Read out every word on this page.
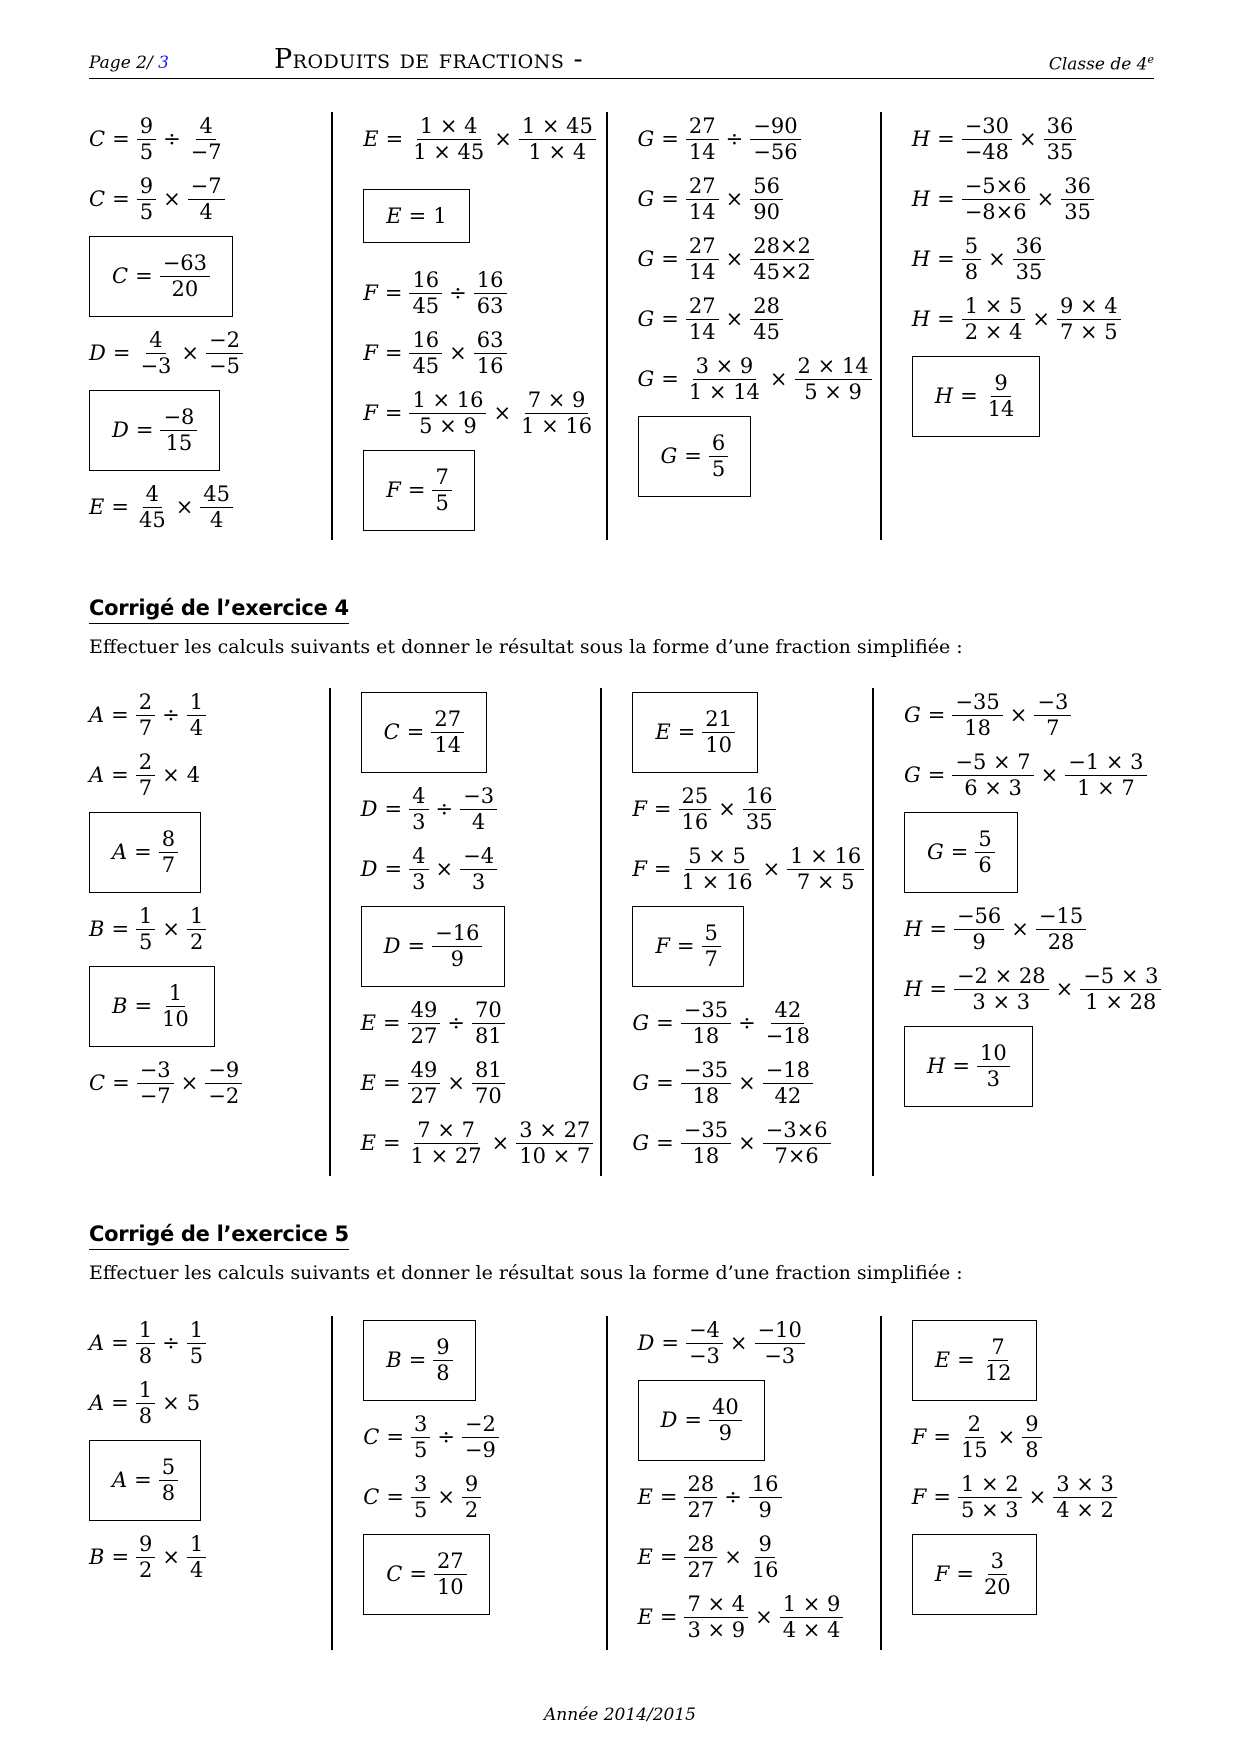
Page 2/ 3	Produits de fractions -	Classe de 4e
$C = \frac{9}{5} \div \frac{4}{-7}$
$C = \frac{9}{5} \times \frac{-7}{4}$
$C = \frac{-63}{20}$
$D = \frac{4}{-3} \times \frac{-2}{-5}$
$D = \frac{-8}{15}$
$E = \frac{4}{45} \times \frac{45}{4}$
$E = \frac{1 \times 4}{1 \times 45} \times \frac{1 \times 45}{1 \times 4}$
E = 1
$F = \frac{16}{45} \div \frac{16}{63}$
$F = \frac{16}{45} \times \frac{63}{16}$
$F = \frac{1 \times 16}{5 \times 9} \times \frac{7 \times 9}{1 \times 16}$
$F = \frac{7}{5}$
$G = \frac{27}{14} \div \frac{-90}{-56}$
$G = \frac{27}{14} \times \frac{56}{90}$
$G = \frac{27}{14} \times \frac{28\times 2}{45\times 2}$
$G = \frac{27}{14} \times \frac{28}{45}$
$G = \frac{3 \times 9}{1 \times 14} \times \frac{2 \times 14}{5 \times 9}$
$G = \frac{6}{5}$
$H = \frac{-30}{-48} \times \frac{36}{35}$
$H = \frac{-5\times 6}{-8\times 6} \times \frac{36}{35}$
$H = \frac{5}{8} \times \frac{36}{35}$
$H = \frac{1 \times 5}{2 \times 4} \times \frac{9 \times 4}{7 \times 5}$
$H = \frac{9}{14}$
Corrigé de l’exercice 4
Effectuer les calculs suivants et donner le résultat sous la forme d’une fraction simplifiée :
$A = \frac{2}{7} \div \frac{1}{4}$
$A = \frac{2}{7} \times 4$
$A = \frac{8}{7}$
$B = \frac{1}{5} \times \frac{1}{2}$
$B = \frac{1}{10}$
$C = \frac{-3}{-7} \times \frac{-9}{-2}$
$C = \frac{27}{14}$
$D = \frac{4}{3} \div \frac{-3}{4}$
$D = \frac{4}{3} \times \frac{-4}{3}$
$D = \frac{-16}{9}$
$E = \frac{49}{27} \div \frac{70}{81}$
$E = \frac{49}{27} \times \frac{81}{70}$
$E = \frac{7 \times 7}{1 \times 27} \times \frac{3 \times 27}{10 \times 7}$
$E = \frac{21}{10}$
$F = \frac{25}{16} \times \frac{16}{35}$
$F = \frac{5 \times 5}{1 \times 16} \times \frac{1 \times 16}{7 \times 5}$
$F = \frac{5}{7}$
$G = \frac{-35}{18} \div \frac{42}{-18}$
$G = \frac{-35}{18} \times \frac{-18}{42}$
$G = \frac{-35}{18} \times \frac{-3\times 6}{7\times 6}$
$G = \frac{-35}{18} \times \frac{-3}{7}$
$G = \frac{-5 \times 7}{6 \times 3} \times \frac{-1 \times 3}{1 \times 7}$
$G = \frac{5}{6}$
$H = \frac{-56}{9} \times \frac{-15}{28}$
$H = \frac{-2 \times 28}{3 \times 3} \times \frac{-5 \times 3}{1 \times 28}$
$H = \frac{10}{3}$
Corrigé de l’exercice 5
Effectuer les calculs suivants et donner le résultat sous la forme d’une fraction simplifiée :
$A = \frac{1}{8} \div \frac{1}{5}$
$A = \frac{1}{8} \times 5$
$A = \frac{5}{8}$
$B = \frac{9}{2} \times \frac{1}{4}$
$B = \frac{9}{8}$
$C = \frac{3}{5} \div \frac{-2}{-9}$
$C = \frac{3}{5} \times \frac{9}{2}$
$C = \frac{27}{10}$
$D = \frac{-4}{-3} \times \frac{-10}{-3}$
$D = \frac{40}{9}$
$E = \frac{28}{27} \div \frac{16}{9}$
$E = \frac{28}{27} \times \frac{9}{16}$
$E = \frac{7 \times 4}{3 \times 9} \times \frac{1 \times 9}{4 \times 4}$
$E = \frac{7}{12}$
$F = \frac{2}{15} \times \frac{9}{8}$
$F = \frac{1 \times 2}{5 \times 3} \times \frac{3 \times 3}{4 \times 2}$
$F = \frac{3}{20}$
Année 2014/2015
